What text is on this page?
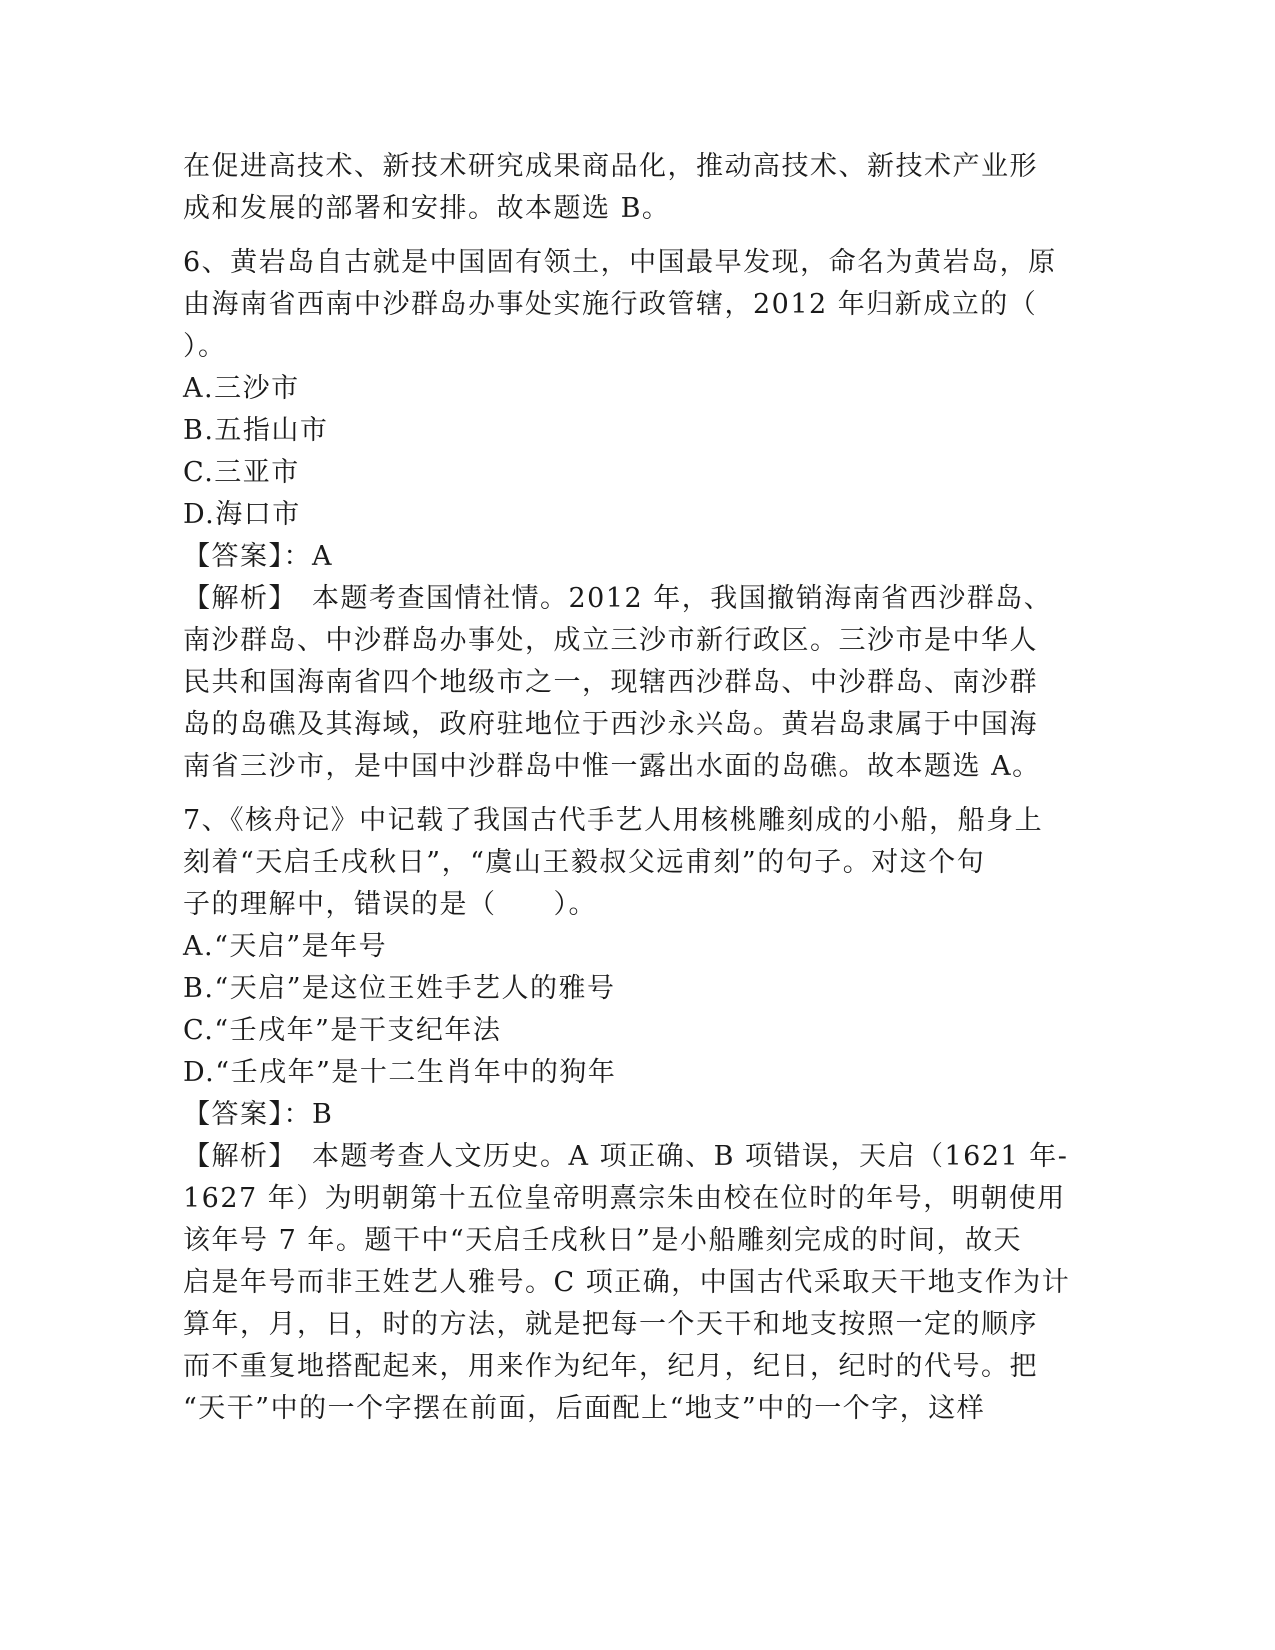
在促进高技术、新技术研究成果商品化，推动高技术、新技术产业形
成和发展的部署和安排。故本题选 B。
6、黄岩岛自古就是中国固有领土，中国最早发现，命名为黄岩岛，原
由海南省西南中沙群岛办事处实施行政管辖，2012 年归新成立的（
）。
A.三沙市
B.五指山市
C.三亚市
D.海口市
【答案】：A
【解析】　本题考查国情社情。2012 年，我国撤销海南省西沙群岛、
南沙群岛、中沙群岛办事处，成立三沙市新行政区。三沙市是中华人
民共和国海南省四个地级市之一，现辖西沙群岛、中沙群岛、南沙群
岛的岛礁及其海域，政府驻地位于西沙永兴岛。黄岩岛隶属于中国海
南省三沙市，是中国中沙群岛中惟一露出水面的岛礁。故本题选 A。
7、《核舟记》中记载了我国古代手艺人用核桃雕刻成的小船，船身上
刻着“天启壬戌秋日”，“虞山王毅叔父远甫刻”的句子。对这个句
子的理解中，错误的是（　　）。
A.“天启”是年号
B.“天启”是这位王姓手艺人的雅号
C.“壬戌年”是干支纪年法
D.“壬戌年”是十二生肖年中的狗年
【答案】：B
【解析】　本题考查人文历史。A 项正确、B 项错误，天启（1621 年-
1627 年）为明朝第十五位皇帝明熹宗朱由校在位时的年号，明朝使用
该年号 7 年。题干中“天启壬戌秋日”是小船雕刻完成的时间，故天
启是年号而非王姓艺人雅号。C 项正确，中国古代采取天干地支作为计
算年，月，日，时的方法，就是把每一个天干和地支按照一定的顺序
而不重复地搭配起来，用来作为纪年，纪月，纪日，纪时的代号。把
“天干”中的一个字摆在前面，后面配上“地支”中的一个字，这样
